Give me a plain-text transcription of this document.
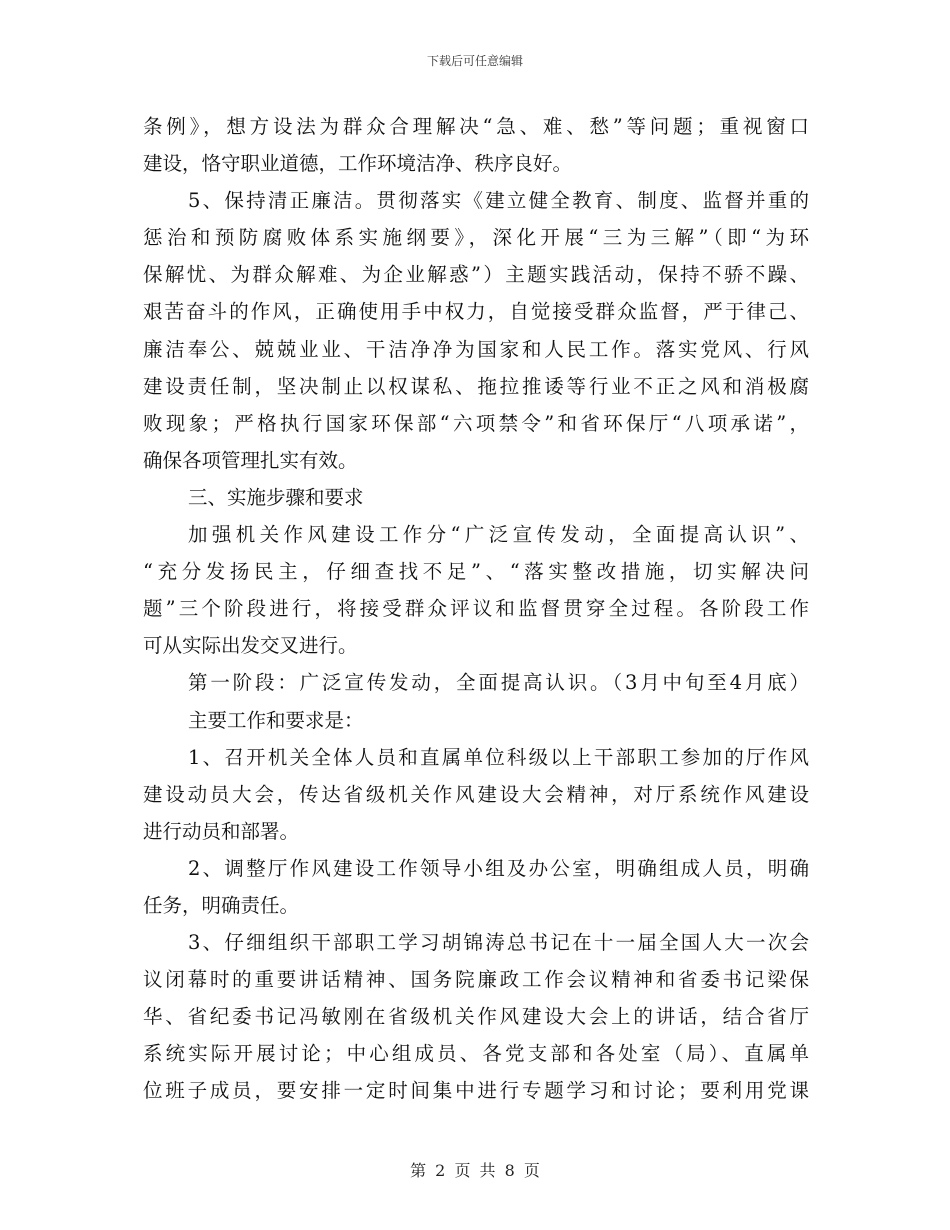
下载后可任意编辑
条例》，想方设法为群众合理解决“急、难、愁”等问题；重视窗口
建设，恪守职业道德，工作环境洁净、秩序良好。
5、保持清正廉洁。贯彻落实《建立健全教育、制度、监督并重的
惩治和预防腐败体系实施纲要》，深化开展“三为三解”（即“为环
保解忧、为群众解难、为企业解惑”）主题实践活动，保持不骄不躁、
艰苦奋斗的作风，正确使用手中权力，自觉接受群众监督，严于律己、
廉洁奉公、兢兢业业、干洁净净为国家和人民工作。落实党风、行风
建设责任制，坚决制止以权谋私、拖拉推诿等行业不正之风和消极腐
败现象；严格执行国家环保部“六项禁令”和省环保厅“八项承诺”，
确保各项管理扎实有效。
三、实施步骤和要求
加强机关作风建设工作分“广泛宣传发动，全面提高认识”、
“充分发扬民主，仔细查找不足”、“落实整改措施，切实解决问
题”三个阶段进行，将接受群众评议和监督贯穿全过程。各阶段工作
可从实际出发交叉进行。
第一阶段：广泛宣传发动，全面提高认识。（3月中旬至4月底）
主要工作和要求是：
1、召开机关全体人员和直属单位科级以上干部职工参加的厅作风
建设动员大会，传达省级机关作风建设大会精神，对厅系统作风建设
进行动员和部署。
2、调整厅作风建设工作领导小组及办公室，明确组成人员，明确
任务，明确责任。
3、仔细组织干部职工学习胡锦涛总书记在十一届全国人大一次会
议闭幕时的重要讲话精神、国务院廉政工作会议精神和省委书记梁保
华、省纪委书记冯敏刚在省级机关作风建设大会上的讲话，结合省厅
系统实际开展讨论；中心组成员、各党支部和各处室（局）、直属单
位班子成员，要安排一定时间集中进行专题学习和讨论；要利用党课
第 2 页 共 8 页
